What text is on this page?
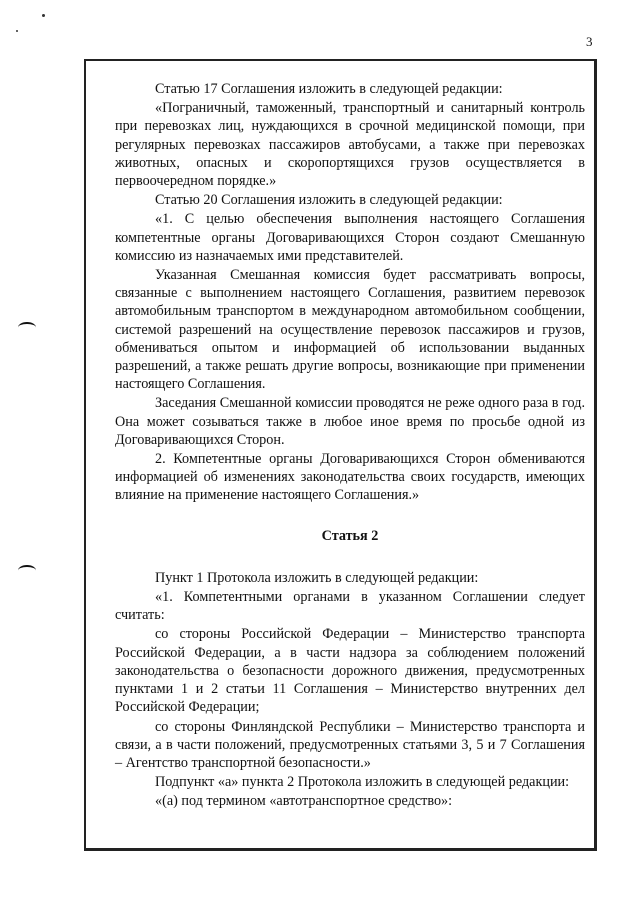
3

Статью 17 Соглашения изложить в следующей редакции:

«Пограничный, таможенный, транспортный и санитарный контроль при перевозках лиц, нуждающихся в срочной медицинской помощи, при регулярных перевозках пассажиров автобусами, а также при перевозках животных, опасных и скоропортящихся грузов осуществляется в первоочередном порядке.»

Статью 20 Соглашения изложить в следующей редакции:

«1. С целью обеспечения выполнения настоящего Соглашения компетентные органы Договаривающихся Сторон создают Смешанную комиссию из назначаемых ими представителей.

Указанная Смешанная комиссия будет рассматривать вопросы, связанные с выполнением настоящего Соглашения, развитием перевозок автомобильным транспортом в международном автомобильном сообщении, системой разрешений на осуществление перевозок пассажиров и грузов, обмениваться опытом и информацией об использовании выданных разрешений, а также решать другие вопросы, возникающие при применении настоящего Соглашения.

Заседания Смешанной комиссии проводятся не реже одного раза в год. Она может созываться также в любое иное время по просьбе одной из Договаривающихся Сторон.

2. Компетентные органы Договаривающихся Сторон обмениваются информацией об изменениях законодательства своих государств, имеющих влияние на применение настоящего Соглашения.»

Статья 2

Пункт 1 Протокола изложить в следующей редакции:

«1. Компетентными органами в указанном Соглашении следует считать:

со стороны Российской Федерации – Министерство транспорта Российской Федерации, а в части надзора за соблюдением положений законодательства о безопасности дорожного движения, предусмотренных пунктами 1 и 2 статьи 11 Соглашения – Министерство внутренних дел Российской Федерации;

со стороны Финляндской Республики – Министерство транспорта и связи, а в части положений, предусмотренных статьями 3, 5 и 7 Соглашения – Агентство транспортной безопасности.»

Подпункт «а» пункта 2 Протокола изложить в следующей редакции:

«(а) под термином «автотранспортное средство»:
